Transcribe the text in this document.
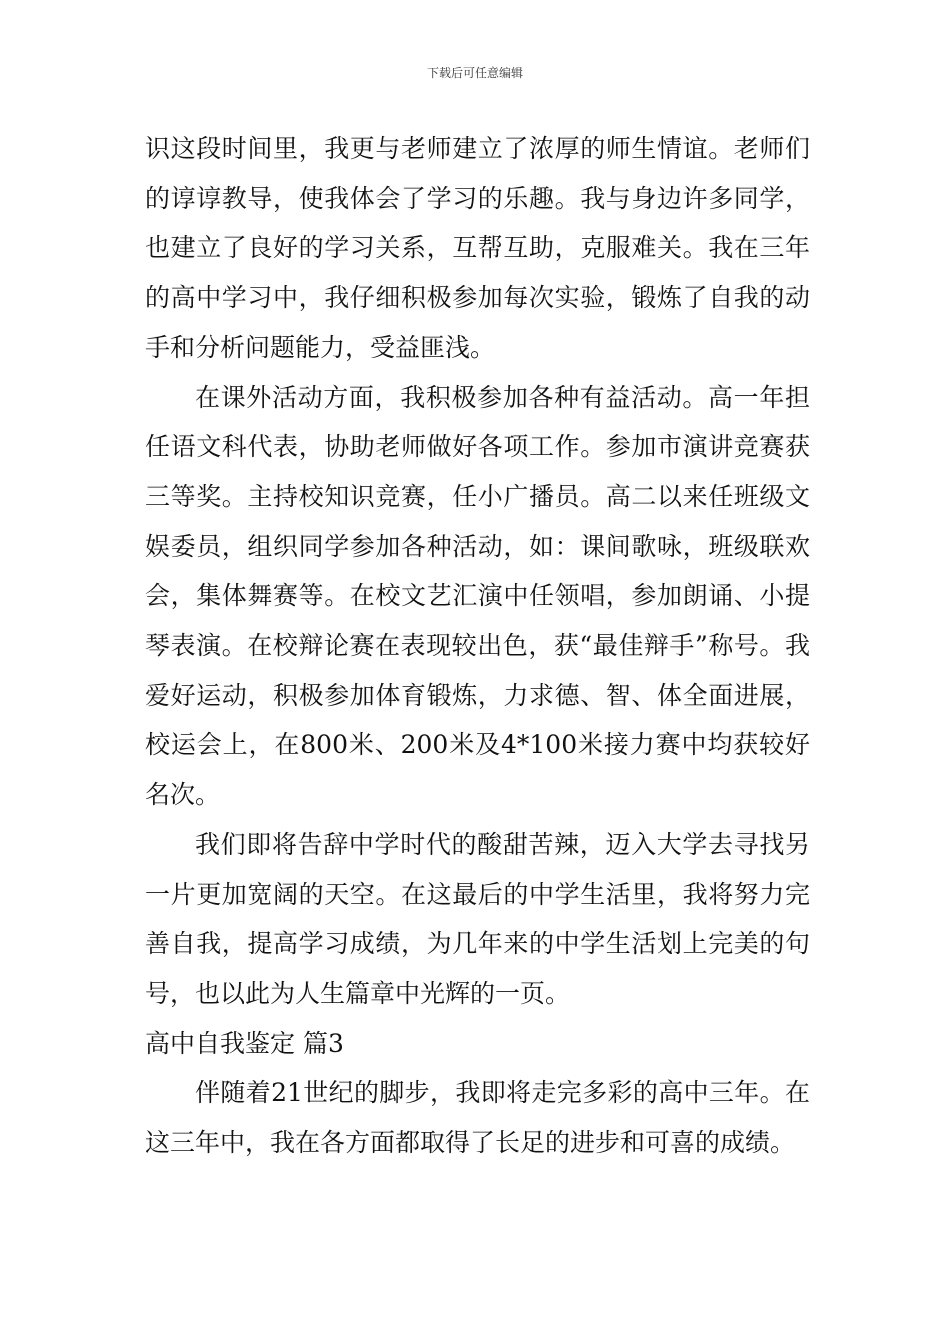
下载后可任意编辑

识这段时间里，我更与老师建立了浓厚的师生情谊。老师们的谆谆教导，使我体会了学习的乐趣。我与身边许多同学，也建立了良好的学习关系，互帮互助，克服难关。我在三年的高中学习中，我仔细积极参加每次实验，锻炼了自我的动手和分析问题能力，受益匪浅。

在课外活动方面，我积极参加各种有益活动。高一年担任语文科代表，协助老师做好各项工作。参加市演讲竞赛获三等奖。主持校知识竞赛，任小广播员。高二以来任班级文娱委员，组织同学参加各种活动，如：课间歌咏，班级联欢会，集体舞赛等。在校文艺汇演中任领唱，参加朗诵、小提琴表演。在校辩论赛在表现较出色，获“最佳辩手”称号。我爱好运动，积极参加体育锻炼，力求德、智、体全面进展，校运会上，在800米、200米及4*100米接力赛中均获较好名次。

我们即将告辞中学时代的酸甜苦辣，迈入大学去寻找另一片更加宽阔的天空。在这最后的中学生活里，我将努力完善自我，提高学习成绩，为几年来的中学生活划上完美的句号，也以此为人生篇章中光辉的一页。

高中自我鉴定 篇3

伴随着21世纪的脚步，我即将走完多彩的高中三年。在这三年中，我在各方面都取得了长足的进步和可喜的成绩。
